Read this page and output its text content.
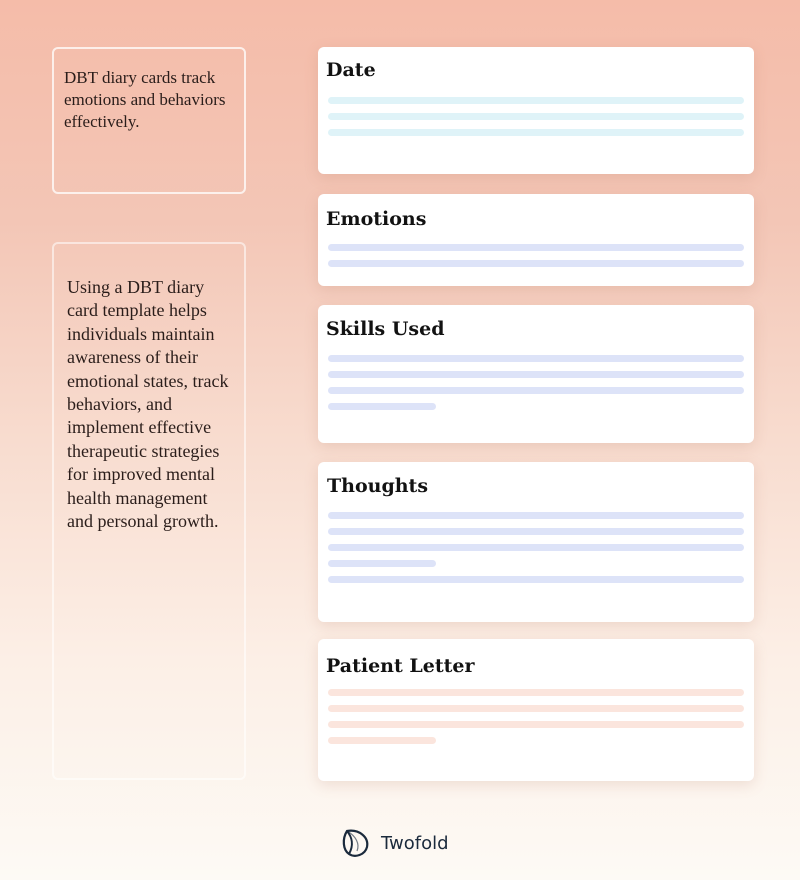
DBT diary cards track emotions and behaviors effectively.
Using a DBT diary card template helps individuals maintain awareness of their emotional states, track behaviors, and implement effective therapeutic strategies for improved mental health management and personal growth.
Date
Emotions
Skills Used
Thoughts
Patient Letter
Twofold
